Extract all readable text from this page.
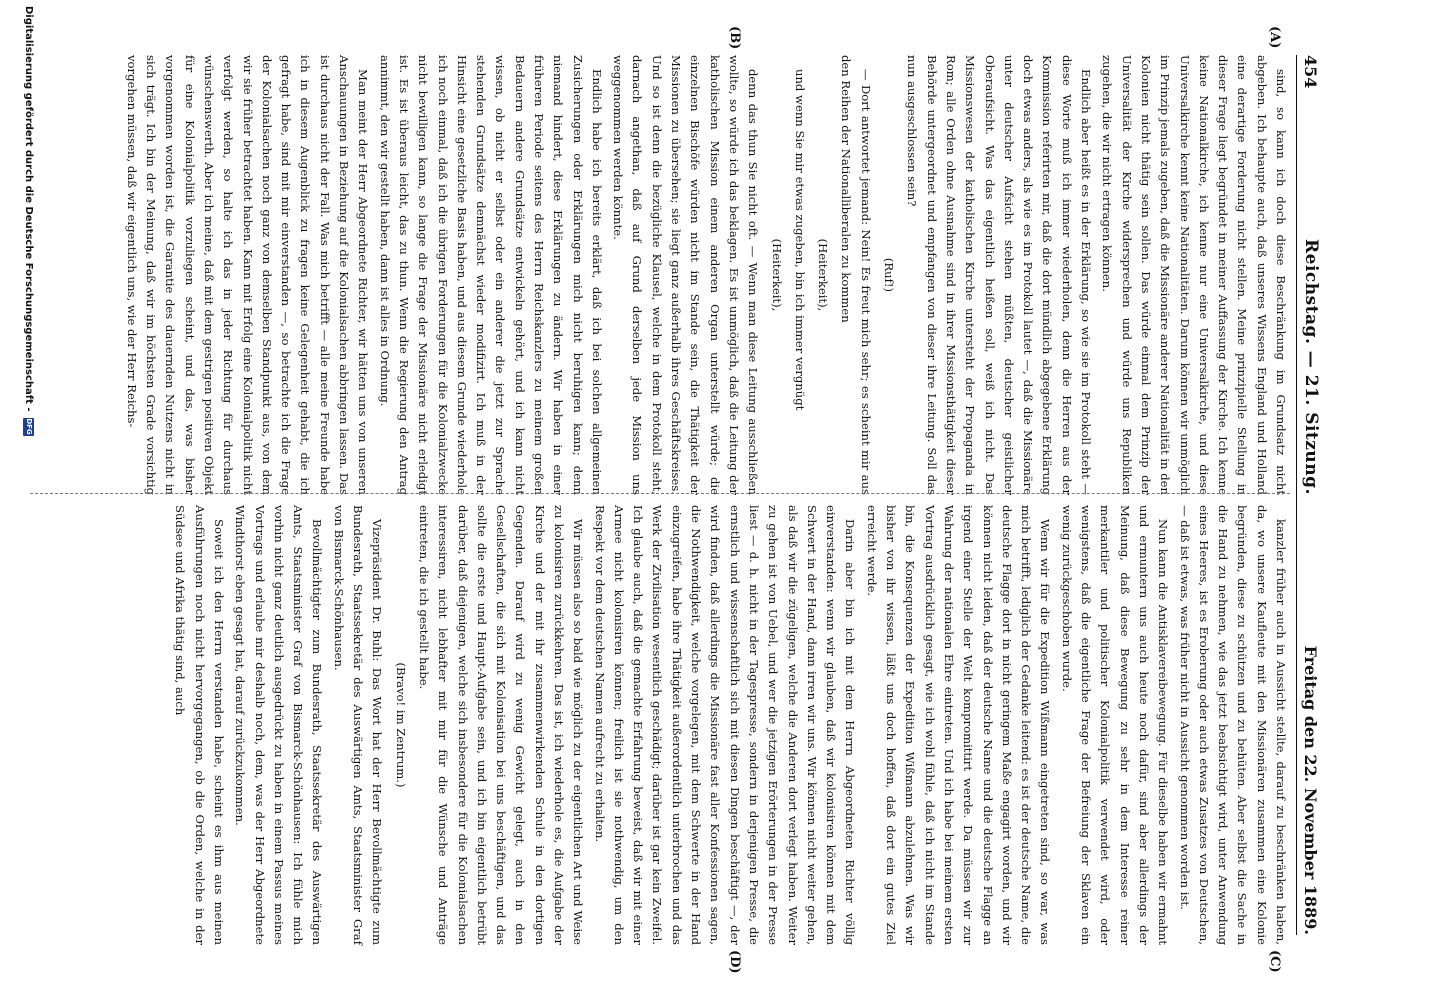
454
Reichstag. — 21. Sitzung.
Freitag den 22. November 1889.
(A)
(B)
(C)
(D)

sind, so kann ich doch diese Beschränkung im Grundsatz nicht abgeben. Ich behaupte auch, daß unseres Wissens England und Holland eine derartige Forderung nicht stellen. Meine prinzipielle Stellung in dieser Frage liegt begründet in meiner Auffassung der Kirche. Ich kenne keine Nationalkirche, ich kenne nur eine Universalkirche, und diese Universalkirche kennt keine Nationalitäten. Darum können wir unmöglich im Prinzip jemals zugeben, daß die Missionäre anderer Nationalität in den Kolonien nicht thätig sein sollen. Das würde einmal dem Prinzip der Universalität der Kirche widersprechen und würde uns Republiken zugehen, die wir nicht ertragen können.

Endlich aber heißt es in der Erklärung, so wie sie im Protokoll steht — diese Worte muß ich immer wiederholen, denn die Herren aus der Kommission referirten mir, daß die dort mündlich abgegebene Erklärung doch etwas anders, als wie es im Protokoll lautet —, daß die Missionäre unter deutscher Aufsicht stehen müßten, deutscher geistlicher Oberaufsicht. Was das eigentlich heißen soll, weiß ich nicht. Das Missionswesen der katholischen Kirche untersteht der Propaganda in Rom; alle Orden ohne Ausnahme sind in ihrer Missionsthätigkeit dieser Behörde untergeordnet und empfangen von dieser ihre Leitung. Soll das nun ausgeschlossen sein?

(Ruf!)

— Dort antwortet jemand: Nein! Es freut mich sehr; es scheint mir aus den Reihen der Nationalliberalen zu kommen

(Heiterkeit),

und wenn Sie mir etwas zugeben, bin ich immer vergnügt

(Heiterkeit),

denn das thun Sie nicht oft. — Wenn man diese Leitung ausschließen wollte, so würde ich das beklagen. Es ist unmöglich, daß die Leitung der katholischen Mission einem anderen Organ unterstellt würde; die einzelnen Bischöfe würden nicht im Stande sein, die Thätigkeit der Missionen zu übersehen; sie liegt ganz außerhalb ihres Geschäftskreises. Und so ist denn die bezügliche Klausel, welche in dem Protokoll steht, darnach angethan, daß auf Grund derselben jede Mission uns weggenommen werden könnte.

Endlich habe ich bereits erklärt, daß ich bei solchen allgemeinen Zusicherungen oder Erklärungen mich nicht beruhigen kann; denn niemand hindert, diese Erklärungen zu ändern. Wir haben in einer früheren Periode seitens des Herrn Reichskanzlers zu meinem großen Bedauern andere Grundsätze entwickeln gehört, und ich kann nicht wissen, ob nicht er selbst oder ein anderer die jetzt zur Sprache stehenden Grundsätze demnächst wieder modifizirt. Ich muß in der Hinsicht eine gesetzliche Basis haben, und aus diesem Grunde wiederhole ich noch einmal, daß ich die übrigen Forderungen für die Kolonialzwecke nicht bewilligen kann, so lange die Frage der Missionäre nicht erledigt ist. Es ist überaus leicht, das zu thun. Wenn die Regierung den Antrag annimmt, den wir gestellt haben, dann ist alles in Ordnung.

Man meint der Herr Abgeordnete Richter, wir hätten uns von unseren Anschauungen in Beziehung auf die Kolonialsachen abbringen lassen. Das ist durchaus nicht der Fall. Was mich betrifft — alle meine Freunde habe ich in diesem Augenblick zu fragen keine Gelegenheit gehabt, die ich gefragt habe, sind mit mir einverstanden —, so betrachte ich die Frage der Kolonialsachen noch ganz von demselben Standpunkt aus, von dem wir sie früher betrachtet haben. Kann mit Erfolg eine Kolonialpolitik nicht verfolgt werden, so halte ich das in jeder Richtung für durchaus wünschenswerth. Aber ich meine, daß mit dem gestrigen positiven Objekt für eine Kolonialpolitik vorzuliegen scheint, und das, was bisher vorgenommen worden ist, die Garantie des dauernden Nutzens nicht in sich trägt. Ich bin der Meinung, daß wir im höchsten Grade vorsichtig vorgehen müssen, daß wir eigentlich uns, wie der Herr Reichs-

kanzler früher auch in Aussicht stellte, darauf zu beschränken haben, da, wo unsere Kaufleute mit den Missionären zusammen eine Kolonie begründen, diese zu schützen und zu behüten. Aber selbst die Sache in die Hand zu nehmen, wie das jetzt beabsichtigt wird, unter Anwendung eines Heeres, ist es Eroberung oder auch etwas Zusatzes von Deutschen, — daß ist etwas, was früher nicht in Aussicht genommen worden ist.

Nun kann die Antisklavereibewegung. Für dieselbe haben wir ermahnt und ermuntern uns auch heute noch dafür, sind aber allerdings der Meinung, daß diese Bewegung zu sehr in dem Interesse reiner merkantiler und politischer Kolonialpolitik verwendet wird, oder wenigstens, daß die eigentliche Frage der Befreiung der Sklaven ein wenig zurückgeschoben wurde.

Wenn wir für die Expedition Wißmann eingetreten sind, so war, was mich betrifft, lediglich der Gedanke leitend: es ist der deutsche Name, die deutsche Flagge dort in nicht geringem Maße engagirt worden, und wir können nicht leiden, daß der deutsche Name und die deutsche Flagge an irgend einer Stelle der Welt kompromittirt werde. Da müssen wir zur Wahrung der nationalen Ehre eintreten. Und ich habe bei meinem ersten Vortrag ausdrücklich gesagt, wie ich wohl fühle, daß ich nicht im Stande bin, die Konsequenzen der Expedition Wißmann abzulehnen. Was wir bisher von ihr wissen, läßt uns doch hoffen, daß dort ein gutes Ziel erreicht werde.

Darin aber bin ich mit dem Herrn Abgeordneten Richter völlig einverstanden: wenn wir glauben, daß wir kolonisiren können mit dem Schwert in der Hand, dann irren wir uns. Wir können nicht weiter gehen, als daß wir die zügeligen, welche die Anderen dort verlegt haben. Weiter zu gehen ist von Uebel, und wer die jetzigen Erörterungen in der Presse liest — d. h. nicht in der Tagespresse, sondern in derjenigen Presse, die ernstlich und wissenschaftlich sich mit diesen Dingen beschäftigt —, der wird finden, daß allerdings die Missionäre fast aller Konfessionen sagen, die Nothwendigkeit, welche vorgelegen, mit dem Schwerte in der Hand einzugreifen, habe ihre Thätigkeit außerordentlich unterbrochen und das Werk der Zivilisation wesentlich geschädigt; darüber ist gar kein Zweifel. Ich glaube auch, daß die gemachte Erfahrung beweist, daß wir mit einer Armee nicht kolonisiren können; freilich ist sie nothwendig, um den Respekt vor dem deutschen Namen aufrecht zu erhalten.

Wir müssen also so bald wie möglich zu der eigentlichen Art und Weise zu kolonisiren zurückkehren. Das ist, ich wiederhole es, die Aufgabe der Kirche und der mit ihr zusammenwirkenden Schule in den dortigen Gegenden. Darauf wird zu wenig Gewicht gelegt, auch in den Gesellschaften, die sich mit Kolonisation bei uns beschäftigen, und das sollte die erste und Haupt-Aufgabe sein, und ich bin eigentlich betrübt darüber, daß diejenigen, welche sich insbesondere für die Kolonialsachen interessiren, nicht lebhafter mit mir für die Wünsche und Anträge eintreten, die ich gestellt habe.

(Bravo! im Zentrum.)

Vizepräsident Dr. Buhl: Das Wort hat der Herr Bevollmächtigte zum Bundesrath, Staatssekretär des Auswärtigen Amts, Staatsminister Graf von Bismarck-Schönhausen.

Bevollmächtigter zum Bundesrath, Staatssekretär des Auswärtigen Amts, Staatsminister Graf von Bismarck-Schönhausen: Ich fühle mich vorhin nicht ganz deutlich ausgedrückt zu haben in einem Passus meines Vortrags und erlaube mir deshalb noch, dem, was der Herr Abgeordnete Windthorst eben gesagt hat, darauf zurückzukommen.

Soweit ich den Herrn verstanden habe, scheint es ihm aus meinen Ausführungen noch nicht hervorgegangen, ob die Orden, welche in der Südsee und Afrika thätig sind, auch

Digitalisierung gefördert durch die Deutsche Forschungsgemeinschaft -
DFG
